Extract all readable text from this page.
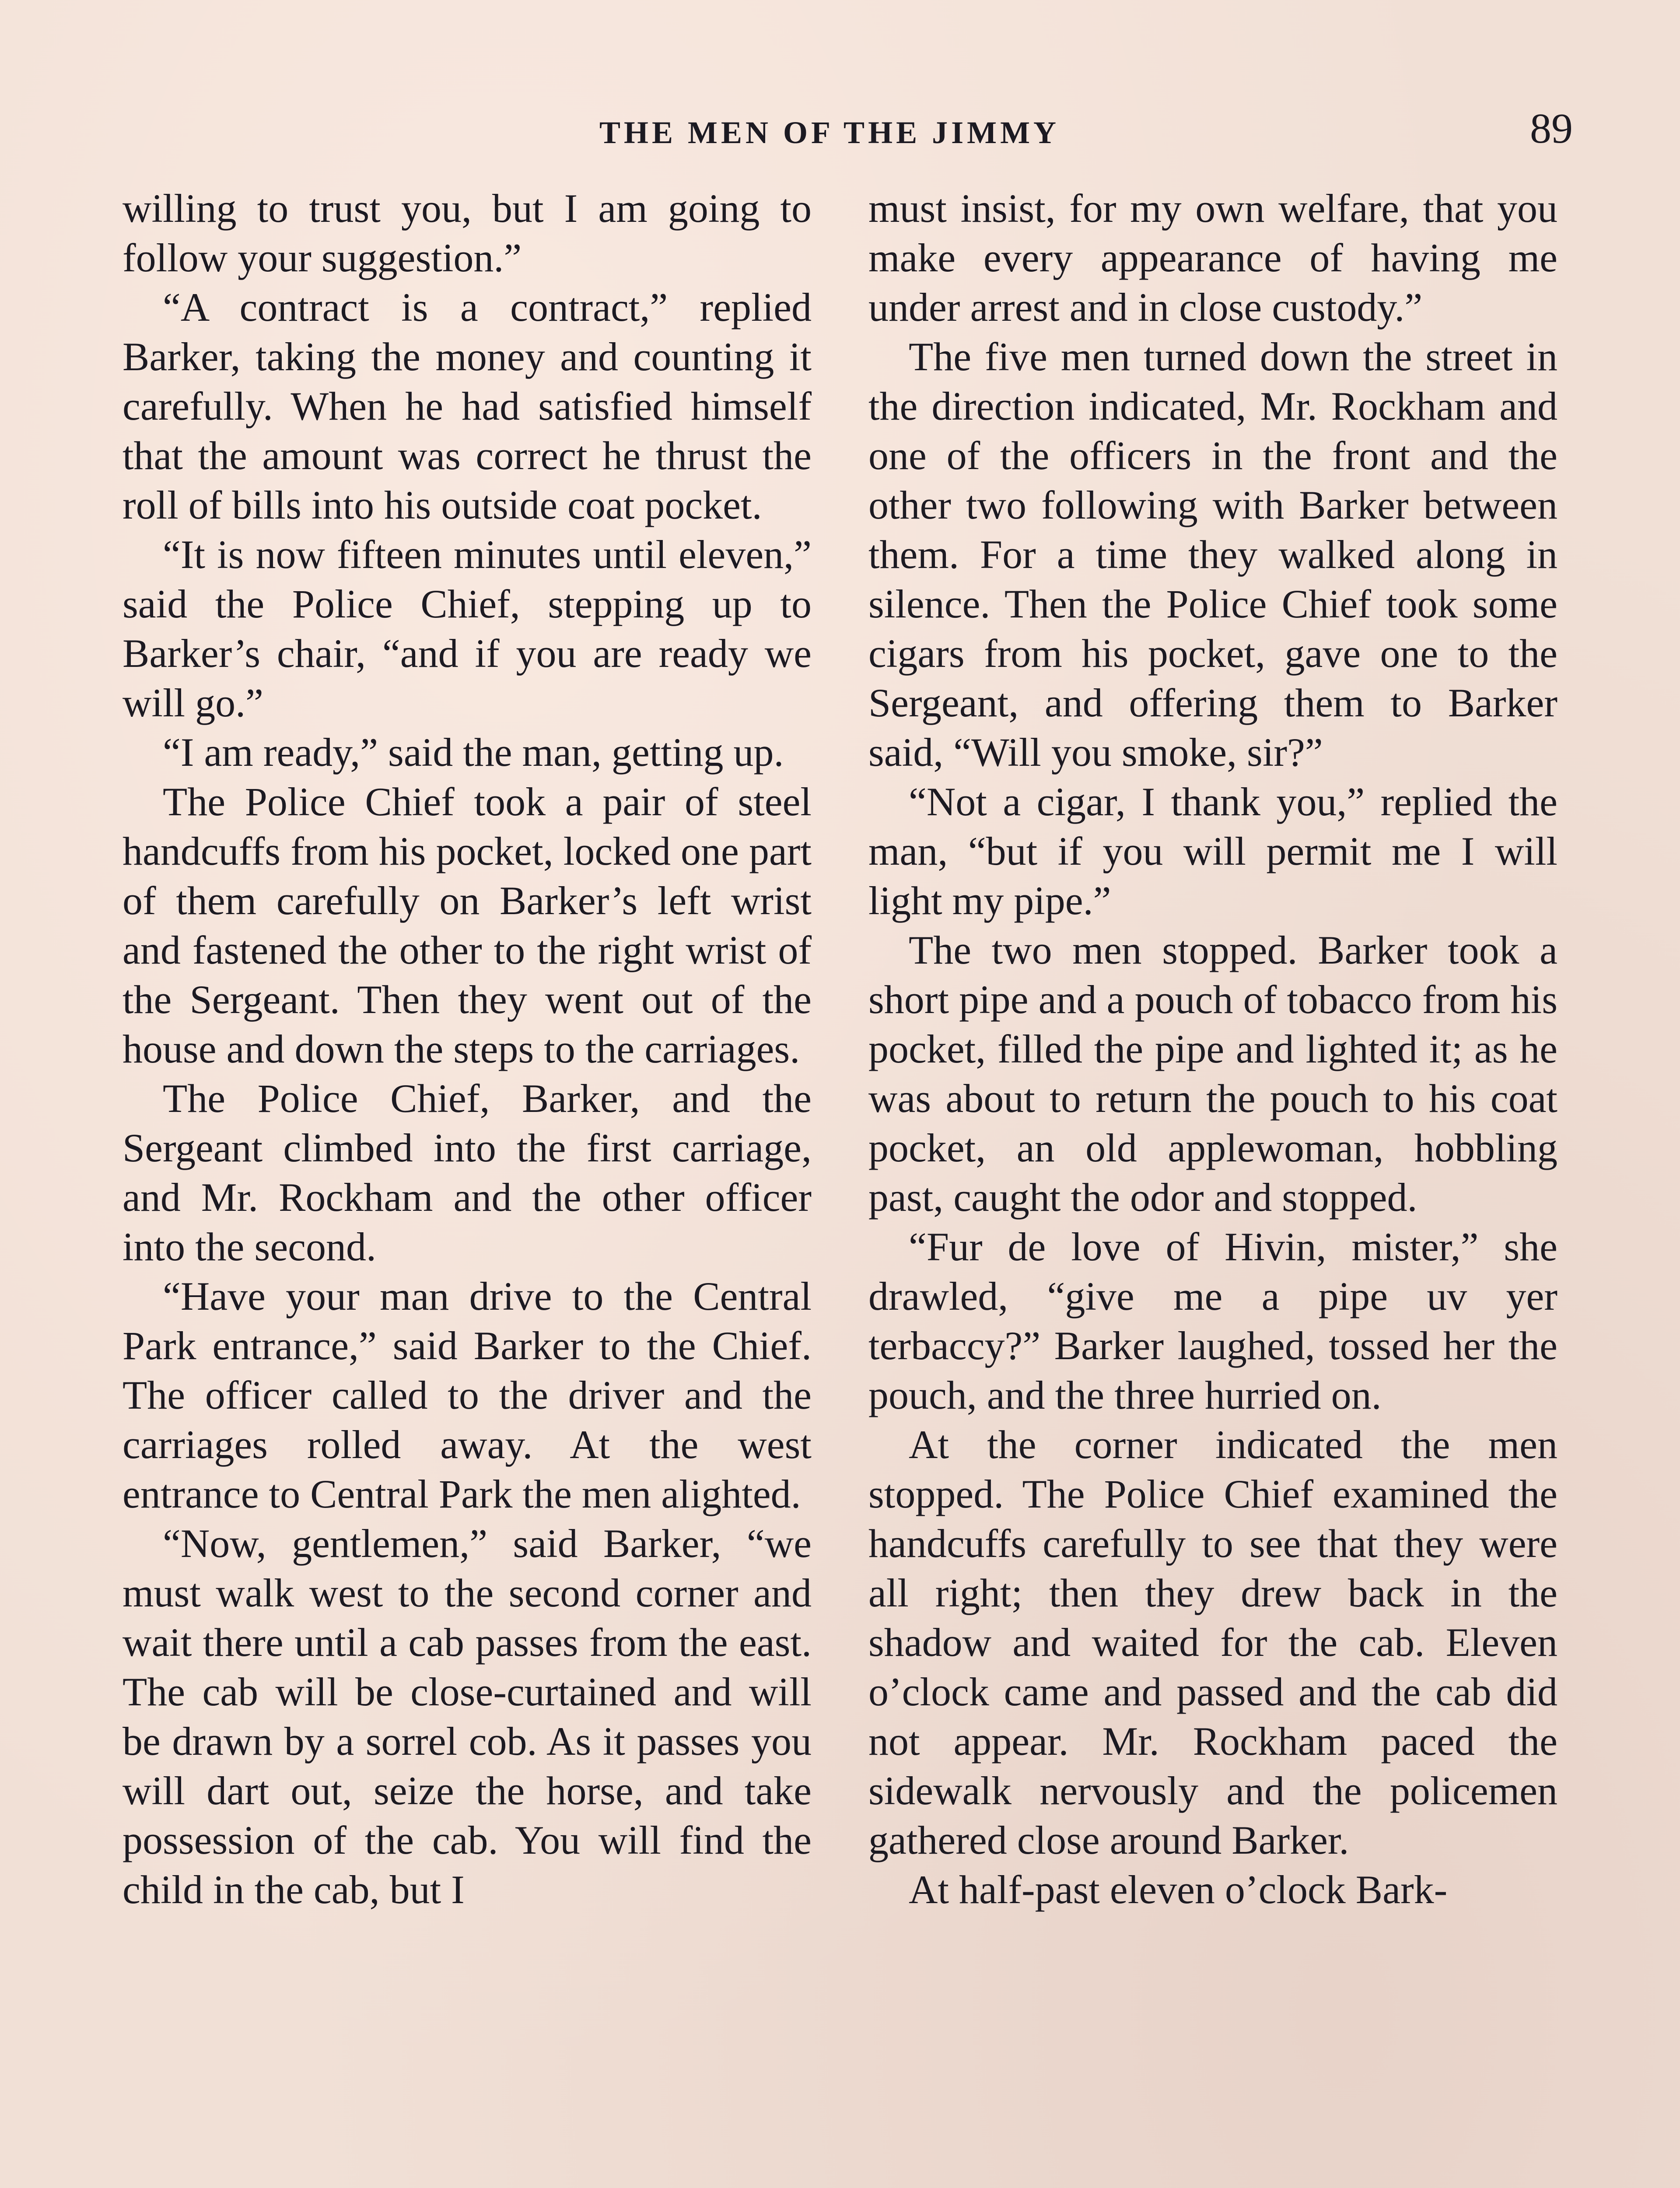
THE MEN OF THE JIMMY	89

willing to trust you, but I am going to follow your suggestion.”

“A contract is a contract,” replied Barker, taking the money and counting it carefully. When he had satisfied himself that the amount was correct he thrust the roll of bills into his outside coat pocket.

“It is now fifteen minutes until eleven,” said the Police Chief, stepping up to Barker’s chair, “and if you are ready we will go.”

“I am ready,” said the man, getting up.

The Police Chief took a pair of steel handcuffs from his pocket, locked one part of them carefully on Barker’s left wrist and fastened the other to the right wrist of the Sergeant. Then they went out of the house and down the steps to the carriages.

The Police Chief, Barker, and the Sergeant climbed into the first carriage, and Mr. Rockham and the other officer into the second.

“Have your man drive to the Central Park entrance,” said Barker to the Chief. The officer called to the driver and the carriages rolled away. At the west entrance to Central Park the men alighted.

“Now, gentlemen,” said Barker, “we must walk west to the second corner and wait there until a cab passes from the east. The cab will be close-curtained and will be drawn by a sorrel cob. As it passes you will dart out, seize the horse, and take possession of the cab. You will find the child in the cab, but I

must insist, for my own welfare, that you make every appearance of having me under arrest and in close custody.”

The five men turned down the street in the direction indicated, Mr. Rockham and one of the officers in the front and the other two following with Barker between them. For a time they walked along in silence. Then the Police Chief took some cigars from his pocket, gave one to the Sergeant, and offering them to Barker said, “Will you smoke, sir?”

“Not a cigar, I thank you,” replied the man, “but if you will permit me I will light my pipe.”

The two men stopped. Barker took a short pipe and a pouch of tobacco from his pocket, filled the pipe and lighted it; as he was about to return the pouch to his coat pocket, an old applewoman, hobbling past, caught the odor and stopped.

“Fur de love of Hivin, mister,” she drawled, “give me a pipe uv yer terbaccy?” Barker laughed, tossed her the pouch, and the three hurried on.

At the corner indicated the men stopped. The Police Chief examined the handcuffs carefully to see that they were all right; then they drew back in the shadow and waited for the cab. Eleven o’clock came and passed and the cab did not appear. Mr. Rockham paced the sidewalk nervously and the policemen gathered close around Barker.

At half-past eleven o’clock Bark-
